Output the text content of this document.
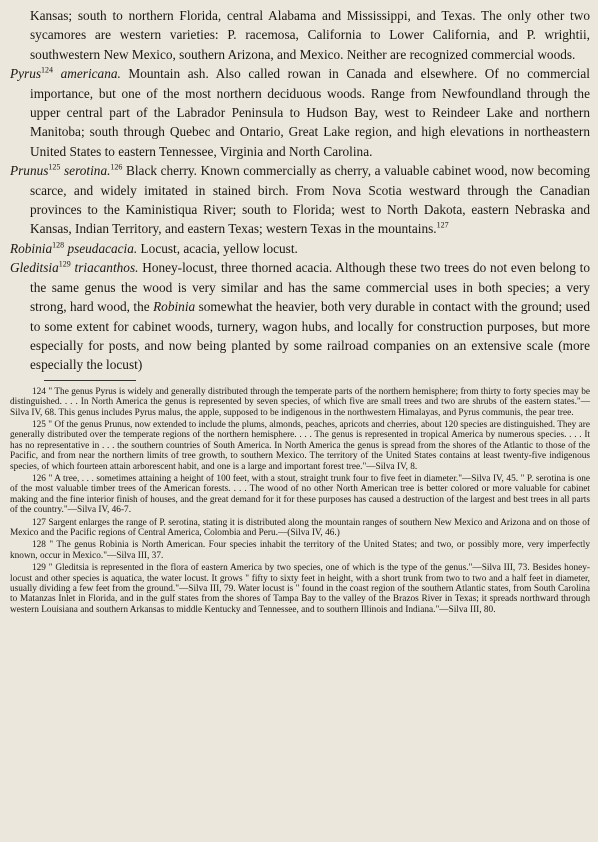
Kansas; south to northern Florida, central Alabama and Mississippi, and Texas. The only other two sycamores are western varieties: P. racemosa, California to Lower California, and P. wrightii, southwestern New Mexico, southern Arizona, and Mexico. Neither are recognized commercial woods.

Pyrus$^{124}$ americana. Mountain ash. Also called rowan in Canada and elsewhere. Of no commercial importance, but one of the most northern deciduous woods. Range from Newfoundland through the upper central part of the Labrador Peninsula to Hudson Bay, west to Reindeer Lake and northern Manitoba; south through Quebec and Ontario, Great Lake region, and high elevations in northeastern United States to eastern Tennessee, Virginia and North Carolina.

Prunus$^{125}$ serotina.$^{126}$ Black cherry. Known commercially as cherry, a valuable cabinet wood, now becoming scarce, and widely imitated in stained birch. From Nova Scotia westward through the Canadian provinces to the Kaministiqua River; south to Florida; west to North Dakota, eastern Nebraska and Kansas, Indian Territory, and eastern Texas; western Texas in the mountains.$^{127}$

Robinia$^{128}$ pseudacacia. Locust, acacia, yellow locust.

Gleditsia$^{129}$ triacanthos. Honey-locust, three thorned acacia. Although these two trees do not even belong to the same genus the wood is very similar and has the same commercial uses in both species; a very strong, hard wood, the Robinia somewhat the heavier, both very durable in contact with the ground; used to some extent for cabinet woods, turnery, wagon hubs, and locally for construction purposes, but more especially for posts, and now being planted by some railroad companies on an extensive scale (more especially the locust)

124 " The genus Pyrus is widely and generally distributed through the temperate parts of the northern hemisphere; from thirty to forty species may be distinguished. . . . In North America the genus is represented by seven species, of which five are small trees and two are shrubs of the eastern states."—Silva IV, 68. This genus includes Pyrus malus, the apple, supposed to be indigenous in the northwestern Himalayas, and Pyrus communis, the pear tree.

125 " Of the genus Prunus, now extended to include the plums, almonds, peaches, apricots and cherries, about 120 species are distinguished. They are generally distributed over the temperate regions of the northern hemisphere. . . . The genus is represented in tropical America by numerous species. . . . It has no representative in . . . the southern countries of South America. In North America the genus is spread from the shores of the Atlantic to those of the Pacific, and from near the northern limits of tree growth, to southern Mexico. The territory of the United States contains at least twenty-five indigenous species, of which fourteen attain arborescent habit, and one is a large and important forest tree."—Silva IV, 8.

126 " A tree, . . . sometimes attaining a height of 100 feet, with a stout, straight trunk four to five feet in diameter."—Silva IV, 45. " P. serotina is one of the most valuable timber trees of the American forests. . . . The wood of no other North American tree is better colored or more valuable for cabinet making and the fine interior finish of houses, and the great demand for it for these purposes has caused a destruction of the largest and best trees in all parts of the country."—Silva IV, 46-7.

127 Sargent enlarges the range of P. serotina, stating it is distributed along the mountain ranges of southern New Mexico and Arizona and on those of Mexico and the Pacific regions of Central America, Colombia and Peru.—(Silva IV, 46.)

128 " The genus Robinia is North American. Four species inhabit the territory of the United States; and two, or possibly more, very imperfectly known, occur in Mexico."—Silva III, 37.

129 " Gleditsia is represented in the flora of eastern America by two species, one of which is the type of the genus."—Silva III, 73. Besides honey-locust and other species is aquatica, the water locust. It grows " fifty to sixty feet in height, with a short trunk from two to two and a half feet in diameter, usually dividing a few feet from the ground."—Silva III, 79. Water locust is " found in the coast region of the southern Atlantic states, from South Carolina to Matanzas Inlet in Florida, and in the gulf states from the shores of Tampa Bay to the valley of the Brazos River in Texas; it spreads northward through western Louisiana and southern Arkansas to middle Kentucky and Tennessee, and to southern Illinois and Indiana."—Silva III, 80.
